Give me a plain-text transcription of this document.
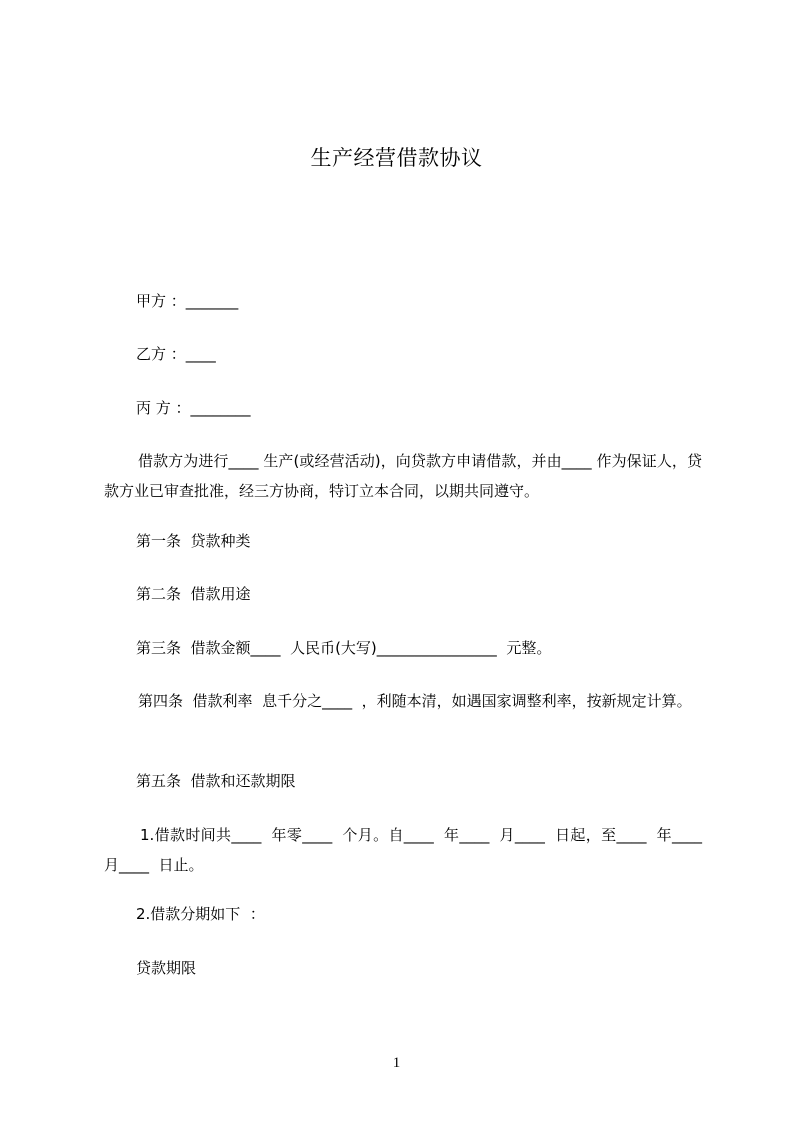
生产经营借款协议
甲方 ：_______
乙方 ：____
丙 方 ：________
借款方为进行____ 生产(或经营活动)，向贷款方申请借款，并由____ 作为保证人，贷款方业已审查批准，经三方协商，特订立本合同，以期共同遵守。
第一条  贷款种类
第二条  借款用途
第三条  借款金额____  人民币(大写)________________  元整。
第四条  借款利率  息千分之____  ，利随本清，如遇国家调整利率，按新规定计算。
第五条  借款和还款期限
1.借款时间共____  年零____  个月。自____  年____  月____  日起，至____  年____  月____  日止。
2.借款分期如下  ：
贷款期限
1
